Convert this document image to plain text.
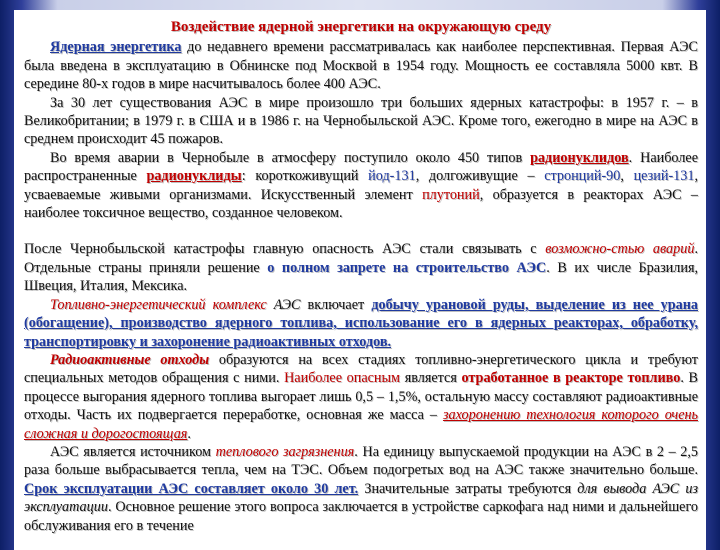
Воздействие ядерной энергетики на окружающую среду

Ядерная энергетика до недавнего времени рассматривалась как наиболее перспективная. Первая АЭС была введена в эксплуатацию в Обнинске под Москвой в 1954 году. Мощность ее составляла 5000 квт. В середине 80-х годов в мире насчитывалось более 400 АЭС.

За 30 лет существования АЭС в мире произошло три больших ядерных катастрофы: в 1957 г. – в Великобритании; в 1979 г. в США и в 1986 г. на Чернобыльской АЭС. Кроме того, ежегодно в мире на АЭС в среднем происходит 45 пожаров.

Во время аварии в Чернобыле в атмосферу поступило около 450 типов радионуклидов. Наиболее распространенные радионуклиды: короткоживущий йод-131, долгоживущие – стронций-90, цезий-131, усваеваемые живыми организмами. Искусственный элемент плутоний, образуется в реакторах АЭС – наиболее токсичное вещество, созданное человеком.

После Чернобыльской катастрофы главную опасность АЭС стали связывать с возможно-стью аварий. Отдельные страны приняли решение о полном запрете на строительство АЭС. В их числе Бразилия, Швеция, Италия, Мексика.

Топливно-энергетический комплекс АЭС включает добычу урановой руды, выделение из нее урана (обогащение), производство ядерного топлива, использование его в ядерных реакторах, обработку, транспортировку и захоронение радиоактивных отходов.

Радиоактивные отходы образуются на всех стадиях топливно-энергетического цикла и требуют специальных методов обращения с ними. Наиболее опасным является отработанное в реакторе топливо. В процессе выгорания ядерного топлива выгорает лишь 0,5 – 1,5%, остальную массу составляют радиоактивные отходы. Часть их подвергается переработке, основная же масса – захоронению технология которого очень сложная и дорогостоящая.

АЭС является источником теплового загрязнения. На единицу выпускаемой продукции на АЭС в 2 – 2,5 раза больше выбрасывается тепла, чем на ТЭС. Объем подогретых вод на АЭС также значительно больше. Срок эксплуатации АЭС составляет около 30 лет. Значительные затраты требуются для вывода АЭС из эксплуатации. Основное решение этого вопроса заключается в устройстве саркофага над ними и дальнейшего обслуживания его в течение
